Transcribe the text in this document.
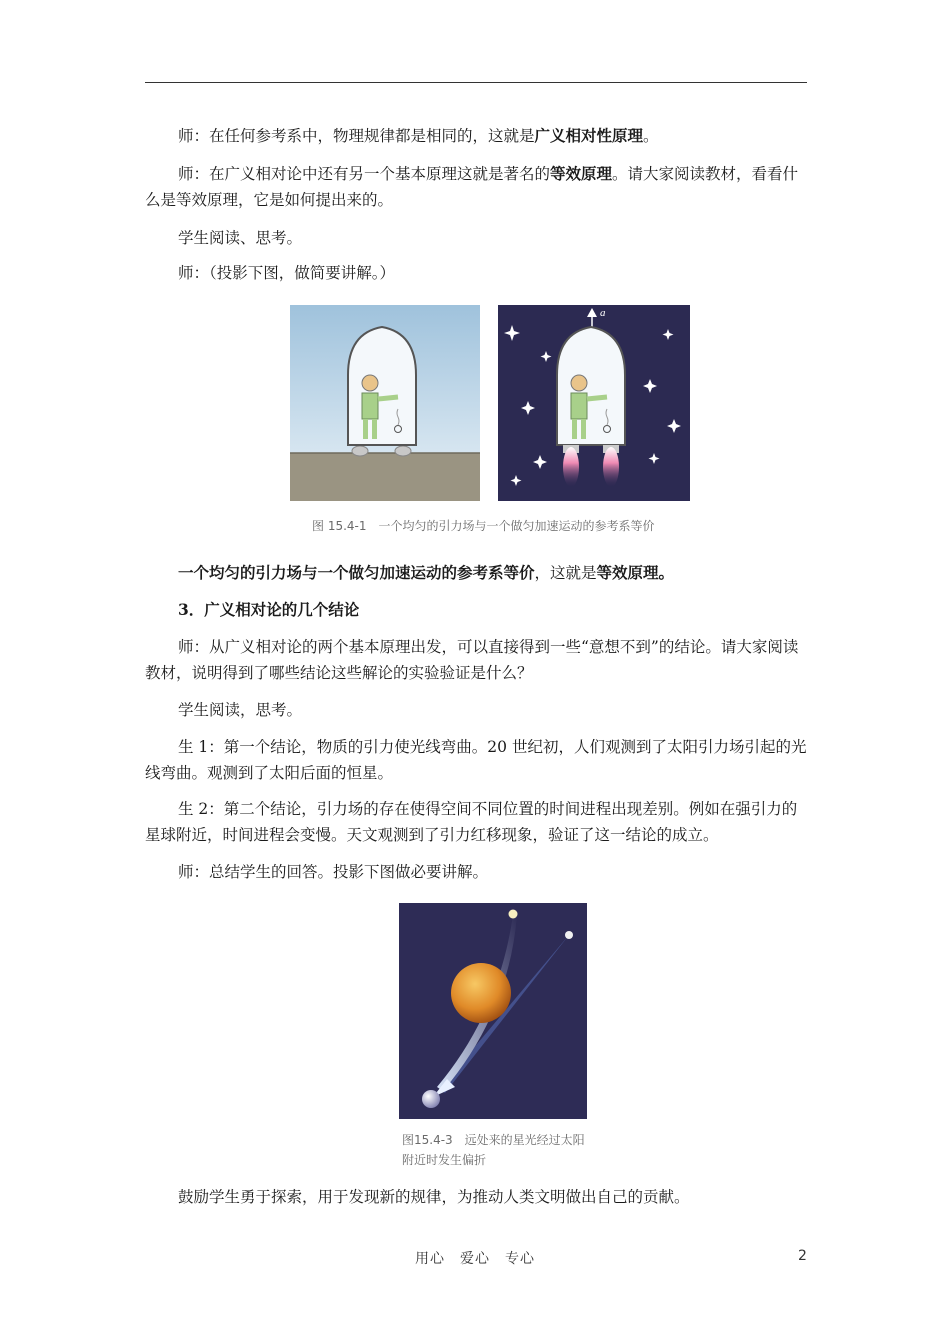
师：在任何参考系中，物理规律都是相同的，这就是广义相对性原理。

师：在广义相对论中还有另一个基本原理这就是著名的等效原理。请大家阅读教材，看看什么是等效原理，它是如何提出来的。

学生阅读、思考。

师：（投影下图，做简要讲解。）

a
图 15.4-1　一个均匀的引力场与一个做匀加速运动的参考系等价

一个均匀的引力场与一个做匀加速运动的参考系等价，这就是等效原理。

3．广义相对论的几个结论

师：从广义相对论的两个基本原理出发，可以直接得到一些“意想不到”的结论。请大家阅读教材，说明得到了哪些结论这些解论的实验验证是什么？

学生阅读，思考。

生 1：第一个结论，物质的引力使光线弯曲。20 世纪初，人们观测到了太阳引力场引起的光线弯曲。观测到了太阳后面的恒星。

生 2：第二个结论，引力场的存在使得空间不同位置的时间进程出现差别。例如在强引力的星球附近，时间进程会变慢。天文观测到了引力红移现象，验证了这一结论的成立。

师：总结学生的回答。投影下图做必要讲解。

图15.4-3　远处来的星光经过太阳
附近时发生偏折

鼓励学生勇于探索，用于发现新的规律，为推动人类文明做出自己的贡献。

用心　爱心　专心	2
